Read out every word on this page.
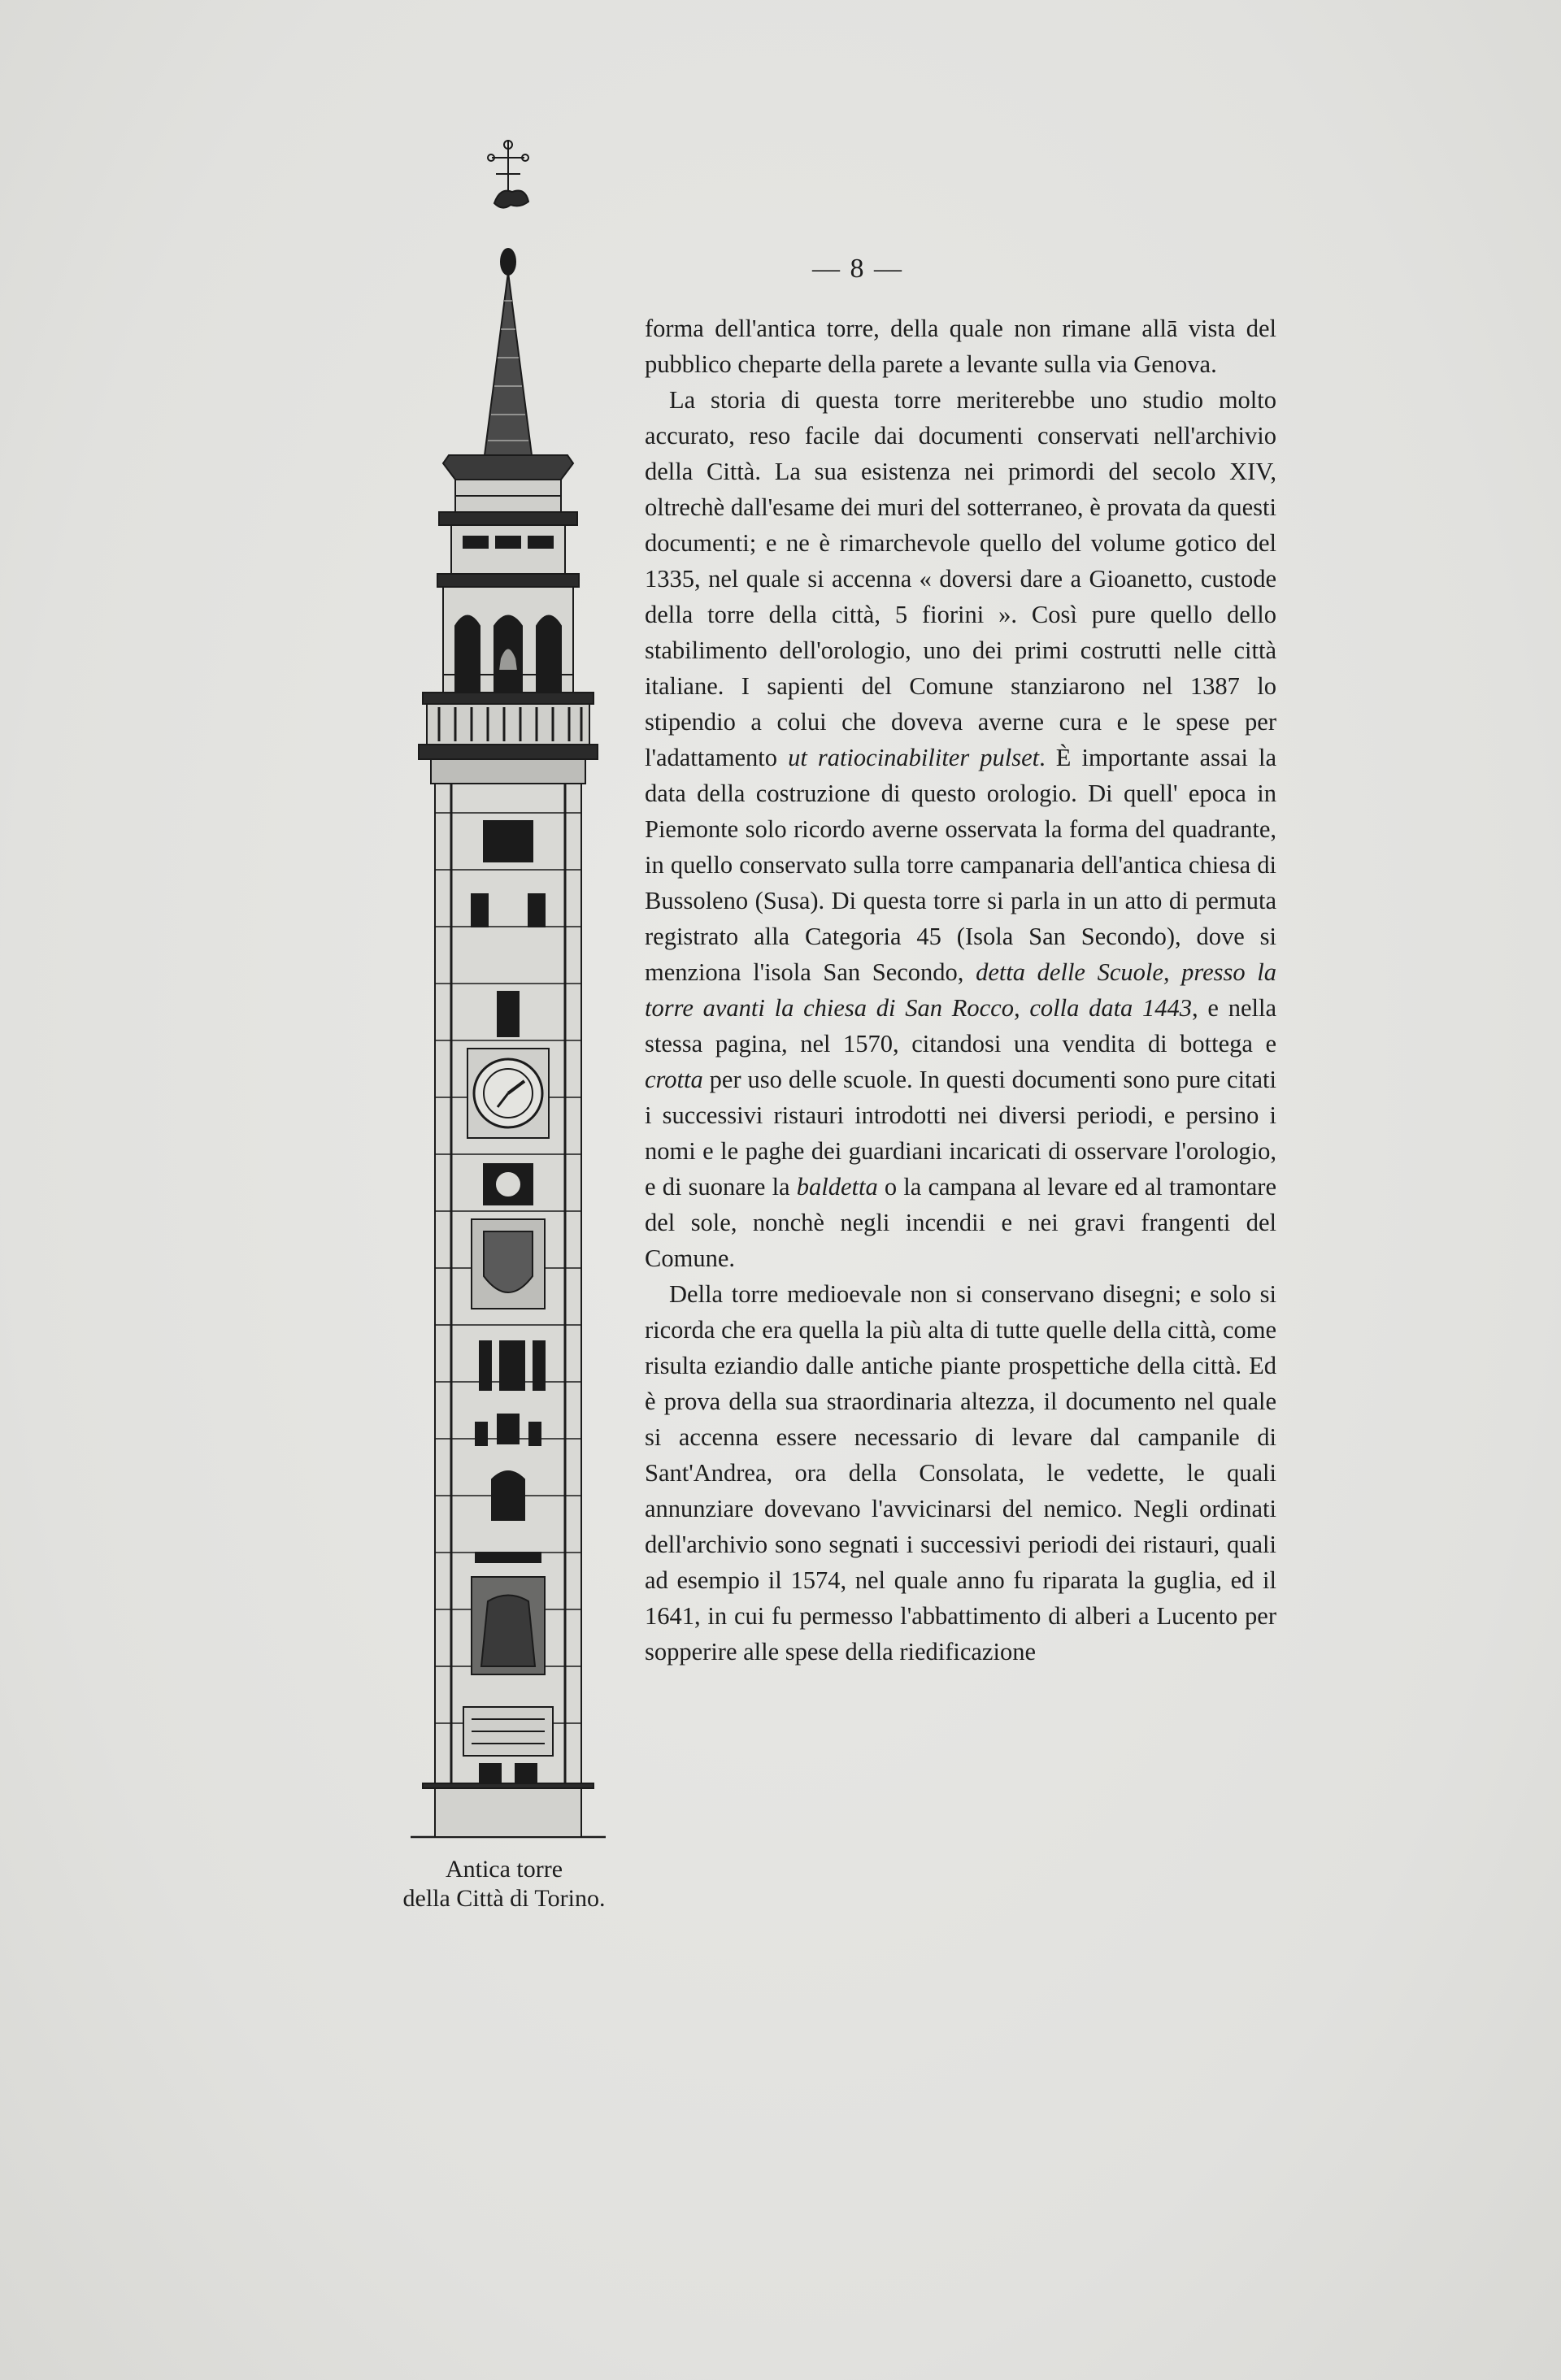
— 8 —

forma dell'antica torre, della quale non rimane allā vista del pubblico cheparte della parete a levante sulla via Genova.

La storia di questa torre meriterebbe uno studio molto accurato, reso facile dai documenti conservati nell'archivio della Città. La sua esistenza nei primordi del secolo XIV, oltrechè dall'esame dei muri del sotterraneo, è provata da questi documenti; e ne è rimarchevole quello del volume gotico del 1335, nel quale si accenna « doversi dare a Gioanetto, custode della torre della città, 5 fiorini ». Così pure quello dello stabilimento dell'orologio, uno dei primi costrutti nelle città italiane. I sapienti del Comune stanziarono nel 1387 lo stipendio a colui che doveva averne cura e le spese per l'adattamento ut ratiocinabiliter pulset. È importante assai la data della costruzione di questo orologio. Di quell' epoca in Piemonte solo ricordo averne osservata la forma del quadrante, in quello conservato sulla torre campanaria dell'antica chiesa di Bussoleno (Susa). Di questa torre si parla in un atto di permuta registrato alla Categoria 45 (Isola San Secondo), dove si menziona l'isola San Secondo, detta delle Scuole, presso la torre avanti la chiesa di San Rocco, colla data 1443, e nella stessa pagina, nel 1570, citandosi una vendita di bottega e crotta per uso delle scuole. In questi documenti sono pure citati i successivi ristauri introdotti nei diversi periodi, e persino i nomi e le paghe dei guardiani incaricati di osservare l'orologio, e di suonare la baldetta o la campana al levare ed al tramontare del sole, nonchè negli incendii e nei gravi frangenti del Comune.

Della torre medioevale non si conservano disegni; e solo si ricorda che era quella la più alta di tutte quelle della città, come risulta eziandio dalle antiche piante prospettiche della città. Ed è prova della sua straordinaria altezza, il documento nel quale si accenna essere necessario di levare dal campanile di Sant'Andrea, ora della Consolata, le vedette, le quali annunziare dovevano l'avvicinarsi del nemico. Negli ordinati dell'archivio sono segnati i successivi periodi dei ristauri, quali ad esempio il 1574, nel quale anno fu riparata la guglia, ed il 1641, in cui fu permesso l'abbattimento di alberi a Lucento per sopperire alle spese della riedificazione

Antica torre
della Città di Torino.
